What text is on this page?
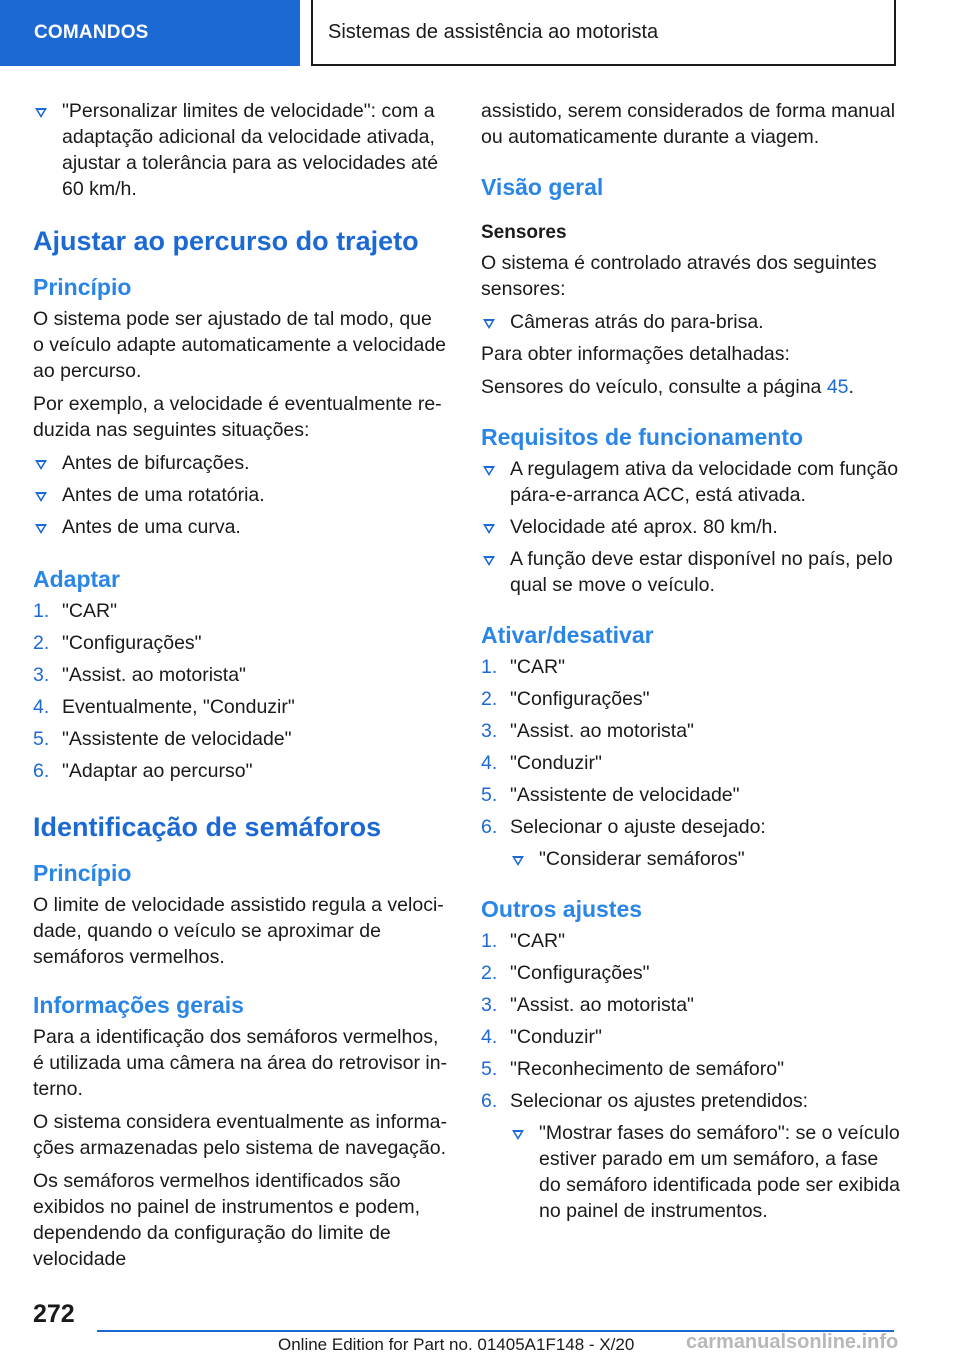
COMANDOS	Sistemas de assistência ao motorista
"Personalizar limites de velocidade": com a adaptação adicional da velocidade ativada, ajustar a tolerância para as velocidades até 60 km/h.
Ajustar ao percurso do trajeto
Princípio

O sistema pode ser ajustado de tal modo, que o veículo adapte automaticamente a velocidade ao percurso.

Por exemplo, a velocidade é eventualmente reduzida nas seguintes situações:

Antes de bifurcações.
Antes de uma rotatória.
Antes de uma curva.
Adaptar
1. "CAR"
2. "Configurações"
3. "Assist. ao motorista"
4. Eventualmente, "Conduzir"
5. "Assistente de velocidade"
6. "Adaptar ao percurso"
Identificação de semáforos
Princípio

O limite de velocidade assistido regula a velocidade, quando o veículo se aproximar de semáforos vermelhos.

Informações gerais

Para a identificação dos semáforos vermelhos, é utilizada uma câmera na área do retrovisor interno.

O sistema considera eventualmente as informações armazenadas pelo sistema de navegação.

Os semáforos vermelhos identificados são exibidos no painel de instrumentos e podem, dependendo da configuração do limite de velocidade

assistido, serem considerados de forma manual ou automaticamente durante a viagem.

Visão geral
Sensores

O sistema é controlado através dos seguintes sensores:

Câmeras atrás do para-brisa.

Para obter informações detalhadas:

Sensores do veículo, consulte a página 45.

Requisitos de funcionamento
A regulagem ativa da velocidade com função pára-e-arranca ACC, está ativada.
Velocidade até aprox. 80 km/h.
A função deve estar disponível no país, pelo qual se move o veículo.
Ativar/desativar
1. "CAR"
2. "Configurações"
3. "Assist. ao motorista"
4. "Conduzir"
5. "Assistente de velocidade"
6. Selecionar o ajuste desejado:
"Considerar semáforos"
Outros ajustes
1. "CAR"
2. "Configurações"
3. "Assist. ao motorista"
4. "Conduzir"
5. "Reconhecimento de semáforo"
6. Selecionar os ajustes pretendidos:
"Mostrar fases do semáforo": se o veículo estiver parado em um semáforo, a fase do semáforo identificada pode ser exibida no painel de instrumentos.
272
Online Edition for Part no. 01405A1F148 - X/20	carmanualsonline.info
